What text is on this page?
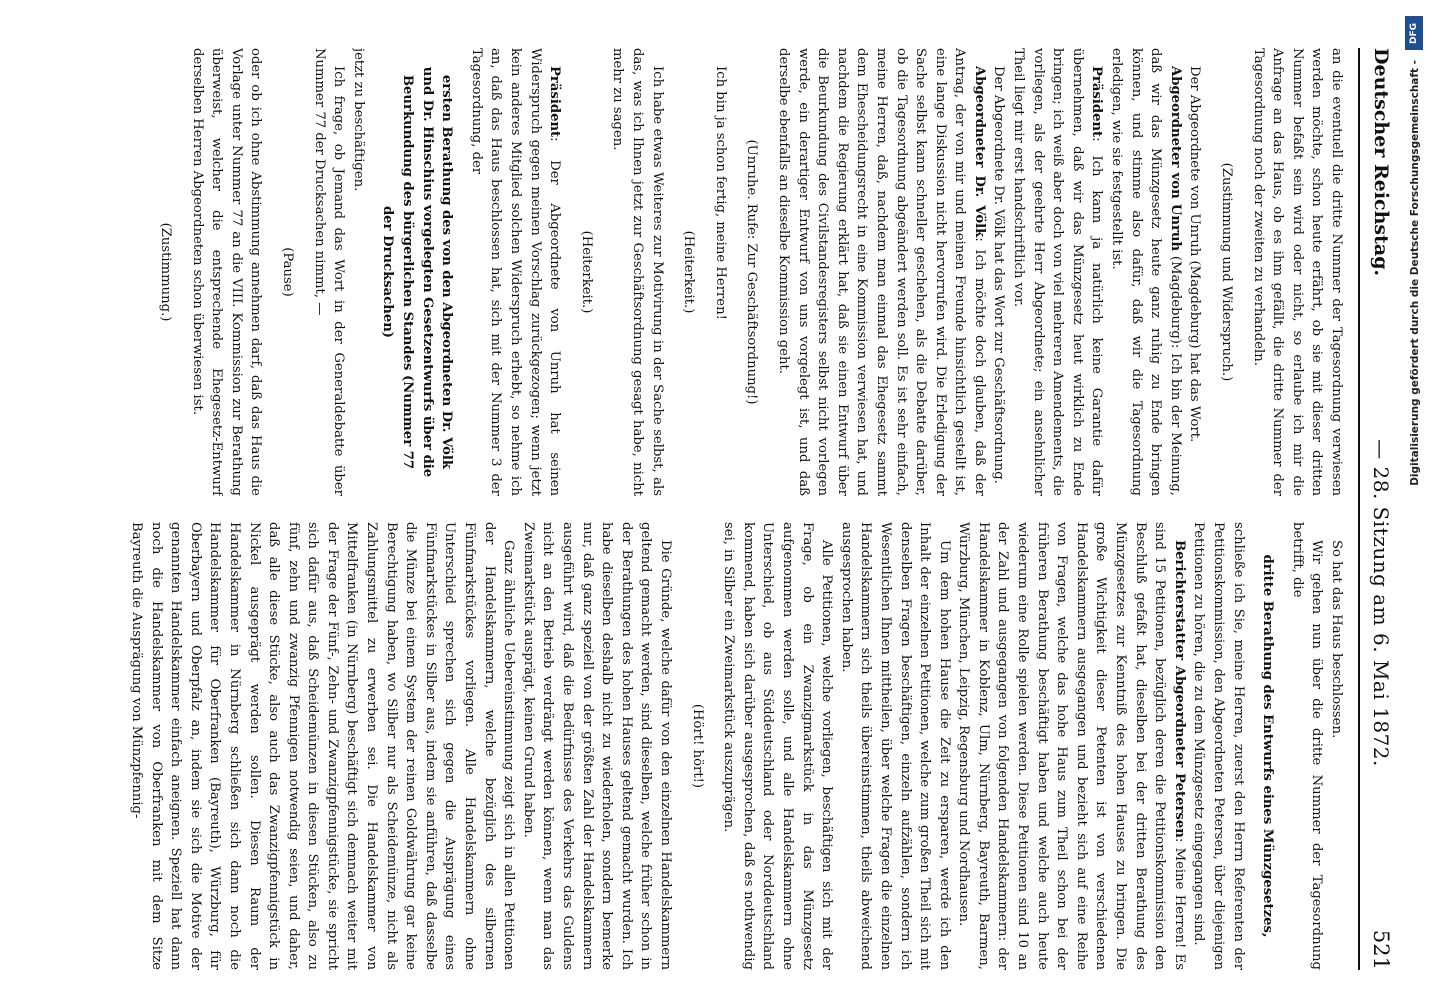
Deutscher Reichstag.
— 28. Sitzung am 6. Mai 1872.
521

an die eventuell die dritte Nummer der Tagesordnung verwiesen werden möchte, schon heute erfährt, ob sie mit dieser dritten Nummer befaßt sein wird oder nicht, so erlaube ich mir die Anfrage an das Haus, ob es ihm gefällt, die dritte Nummer der Tagesordnung noch der zweiten zu verhandeln.

(Zustimmung und Widerspruch.)

Der Abgeordnete von Unruh (Magdeburg) hat das Wort.

Abgeordneter von Unruh (Magdeburg): Ich bin der Meinung, daß wir das Münzgesetz heute ganz ruhig zu Ende bringen können, und stimme also dafür, daß wir die Tagesordnung erledigen, wie sie festgestellt ist.

Präsident: Ich kann ja natürlich keine Garantie dafür übernehmen, daß wir das Münzgesetz heut wirklich zu Ende bringen; ich weiß aber doch von viel mehreren Amendements, die vorliegen, als der geehrte Herr Abgeordnete; ein ansehnlicher Theil liegt mir erst handschriftlich vor.

Der Abgeordnete Dr. Völk hat das Wort zur Geschäftsordnung.

Abgeordneter Dr. Völk: Ich möchte doch glauben, daß der Antrag, der von mir und meinen Freunde hinsichtlich gestellt ist, eine lange Diskussion nicht hervorrufen wird. Die Erledigung der Sache selbst kann schneller geschehen, als die Debatte darüber, ob die Tagesordnung abgeändert werden soll. Es ist sehr einfach, meine Herren, daß, nachdem man einmal das Ehegesetz sammt dem Ehescheidungsrecht in eine Kommission verwiesen hat, und nachdem die Regierung erklärt hat, daß sie einen Entwurf über die Beurkundung des Civilstandesregisters selbst nicht vorlegen werde, ein derartiger Entwurf von uns vorgelegt ist, und daß derselbe ebenfalls an dieselbe Kommission geht.

(Unruhe. Rufe: Zur Geschäftsordnung!)

Ich bin ja schon fertig, meine Herren!

(Heiterkeit.)

Ich habe etwas Weiteres zur Motivirung in der Sache selbst, als das, was ich Ihnen jetzt zur Geschäftsordnung gesagt habe, nicht mehr zu sagen.

(Heiterkeit.)

Präsident: Der Abgeordnete von Unruh hat seinen Widerspruch gegen meinen Vorschlag zurückgezogen; wenn jetzt kein anderes Mitglied solchen Widerspruch erhebt, so nehme ich an, daß das Haus beschlossen hat, sich mit der Nummer 3 der Tagesordnung, der

ersten Berathung des von den Abgeordneten Dr. Völk und Dr. Hinschius vorgelegten Gesetzentwurfs über die Beurkundung des bürgerlichen Standes (Nummer 77 der Drucksachen)

jetzt zu beschäftigen.

Ich frage, ob Jemand das Wort in der Generaldebatte über Nummer 77 der Drucksachen nimmt, —

(Pause)

oder ob ich ohne Abstimmung annehmen darf, daß das Haus die Vorlage unter Nummer 77 an die VIII. Kommission zur Berathung überweist, welcher die entsprechende Ehegesetz-Entwurf derselben Herren Abgeordneten schon überwiesen ist.

(Zustimmung.)

So hat das Haus beschlossen.

Wir gehen nun über die dritte Nummer der Tagesordnung betrifft, die

dritte Berathung des Entwurfs eines Münzgesetzes,

schließe ich Sie, meine Herren, zuerst den Herrn Referenten der Petitionskommission, den Abgeordneten Petersen, über diejenigen Petitionen zu hören, die zu dem Münzgesetz eingegangen sind.

Berichterstatter Abgeordneter Petersen: Meine Herren! Es sind 15 Petitionen, bezüglich deren die Petitionskommission den Beschluß gefaßt hat, dieselben bei der dritten Berathung des Münzgesetzes zur Kenntniß des hohen Hauses zu bringen. Die große Wichtigkeit dieser Petenten ist von verschiedenen Handelskammern ausgegangen und bezieht sich auf eine Reihe von Fragen, welche das hohe Haus zum Theil schon bei der früheren Berathung beschäftigt haben und welche auch heute wiederum eine Rolle spielen werden. Diese Petitionen sind 10 an der Zahl und ausgegangen von folgenden Handelskammern: der Handelskammer in Koblenz, Ulm, Nürnberg, Bayreuth, Barmen, Würzburg, München, Leipzig, Regensburg und Nordhausen.

Um dem hohen Hause die Zeit zu ersparen, werde ich den Inhalt der einzelnen Petitionen, welche zum großen Theil sich mit denselben Fragen beschäftigen, einzeln aufzählen, sondern ich Wesentlichen Ihnen mittheilen, über welche Fragen die einzelnen Handelskammern sich theils übereinstimmen, theils abweichend ausgesprochen haben.

Alle Petitionen, welche vorliegen, beschäftigen sich mit der Frage, ob ein Zwanzigmarkstück in das Münzgesetz aufgenommen werden solle, und alle Handelskammern ohne Unterschied, ob aus Süddeutschland oder Norddeutschland kommend, haben sich darüber ausgesprochen, daß es nothwendig sei, in Silber ein Zweimarkstück auszuprägen.

(Hört! hört!)

Die Gründe, welche dafür von den einzelnen Handelskammern geltend gemacht werden, sind dieselben, welche früher schon in der Berathungen des hohen Hauses geltend gemacht wurden. Ich habe dieselben deshalb nicht zu wiederholen, sondern bemerke nur, daß ganz speziell von der größten Zahl der Handelskammern ausgeführt wird, daß die Bedürfnisse des Verkehrs das Guldens nicht an den Betrieb verdrängt werden können, wenn man das Zweimarkstück ausprägt, keinen Grund haben.

Ganz ähnliche Uebereinstimmung zeigt sich in allen Petitionen der Handelskammern, welche bezüglich des silbernen Fünfmarkstückes vorliegen. Alle Handelskammern ohne Unterschied sprechen sich gegen die Ausprägung eines Fünfmarkstückes in Silber aus, indem sie anführen, daß dasselbe die Münze bei einem System der reinen Goldwährung gar keine Berechtigung haben, wo Silber nur als Scheidemünze, nicht als Zahlungsmittel zu erwerben sei. Die Handelskammer von Mittelfranken (in Nürnberg) beschäftigt sich demnach weiter mit der Frage der Fünf-, Zehn- und Zwanzigpfennigstücke, sie spricht sich dafür aus, daß Scheidemünzen in diesen Stücken, also zu fünf, zehn und zwanzig Pfennigen notwendig seien, und daher, daß alle diese Stücke, also auch das Zwanzigpfennigstück in Nickel ausgeprägt werden sollen. Diesen Raum der Handelskammer in Nürnberg schließen sich dann noch die Handelskammer für Oberfranken (Bayreuth), Würzburg, für Oberbayern und Oberpfalz an, indem sie sich die Motive der genannten Handelskammer einfach aneignen. Speziell hat dann noch die Handelskammer von Oberfranken mit dem Sitze Bayreuth die Ausprägung von Münzpfennig-

DFG
Digitalisierung gefördert durch die Deutsche Forschungsgemeinschaft -
